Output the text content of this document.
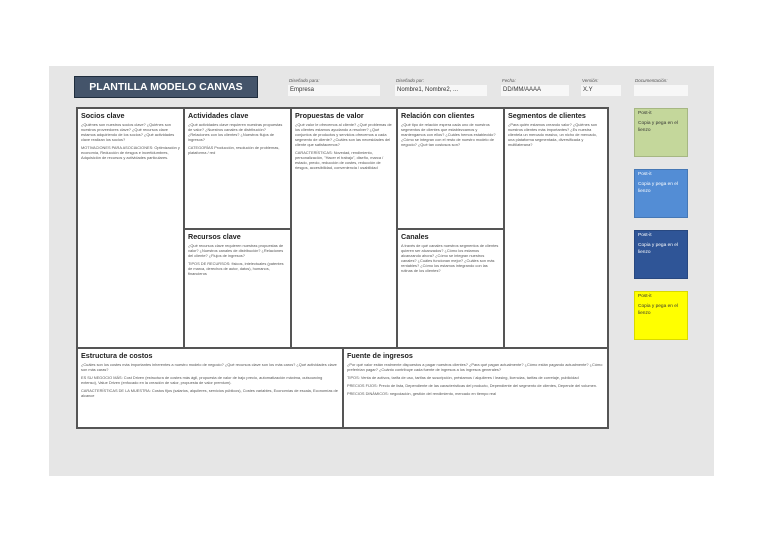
PLANTILLA MODELO CANVAS
Diseñado para:
Empresa
Diseñado por:
Nombre1, Nombre2, ...
Fecha:
DD/MM/AAAA
Versión:
X.Y
Documentación:
Socios clave

¿Quiénes son nuestros socios clave? ¿Quiénes son nuestros proveedores clave? ¿Qué recursos clave estamos adquiriendo de los socios? ¿Qué actividades clave realizan los socios?

MOTIVACIONES PARA ASOCIACIONES: Optimización y economía, Reducción de riesgos e incertidumbres, Adquisición de recursos y actividades particulares.

Actividades clave

¿Qué actividades clave requieren nuestras propuestas de valor? ¿Nuestros canales de distribución? ¿Relaciones con los clientes? ¿Nuestros flujos de ingresos?

CATEGORÍAS Producción, resolución de problemas, plataforma / red

Recursos clave

¿Qué recursos clave requieren nuestras propuestas de valor? ¿Nuestros canales de distribución? ¿Relaciones del cliente? ¿Flujos de ingresos?

TIPOS DE RECURSOS: físicos, intelectuales (patentes de marca, derechos de autor, datos), humanos, financieros

Propuestas de valor

¿Qué valor le ofrecemos al cliente? ¿Qué problemas de los clientes estamos ayudando a resolver? ¿Qué conjuntos de productos y servicios ofrecemos a cada segmento de cliente? ¿Cuáles son las necesidades del cliente que satisfacemos?

CARACTERÍSTICAS: Novedad, rendimiento, personalización, "Hacer el trabajo", diseño, marca / estado, precio, reducción de costes, reducción de riesgos, accesibilidad, conveniencia / usabilidad

Relación con clientes

¿Qué tipo de relación espera cada uno de nuestros segmentos de clientes que establezcamos y mantengamos con ellos? ¿Cuáles hemos establecido? ¿Cómo se integran con el resto de nuestro modelo de negocio? ¿Qué tan costosos son?

Canales

A través de qué canales nuestros segmentos de clientes quieren ser alcanzados? ¿Cómo los estamos alcanzando ahora? ¿Cómo se integran nuestros canales? ¿Cuáles funcionan mejor? ¿Cuáles son más rentables? ¿Cómo los estamos integrando con las rutinas de los clientes?

Segmentos de clientes

¿Para quién estamos creando valor? ¿Quiénes son nuestros clientes más importantes? ¿Es nuestra clientela un mercado masivo, un nicho de mercado, una plataforma segmentada, diversificada y multilaterana?

Estructura de costos

¿Cuáles son los costes más importantes inherentes a nuestro modelo de negocio? ¿Qué recursos clave son los más caros? ¿Qué actividades clave son más caras?

ES SU NEGOCIO MÁS: Cost Driven (estructura de costes más ágil, propuesta de valor de bajo precio, automatización máxima, outsourcing extenso), Value Driven (enfocado en la creación de valor, propuesta de valor premium).

CARACTERÍSTICAS DE LA MUESTRA: Costos fijos (salarios, alquileres, servicios públicos), Costes variables, Economías de escala, Economías de alcance

Fuente de ingresos

¿Por qué valor están realmente dispuestos a pagar nuestros clientes? ¿Para qué pagan actualmente? ¿Cómo están pagando actualmente? ¿Cómo preferirían pagar? ¿Cuánto contribuye cada fuente de ingresos a los ingresos generales?

TIPOS: Venta de activos, tarifa de uso, tarifas de suscripción, préstamos / alquileres / leasing, licencias, tarifas de corretaje, publicidad

PRECIOS FIJOS: Precio de lista, Dependiente de las características del producto, Dependiente del segmento de clientes, Depende del volumen.

PRECIOS DINÁMICOS: negociación, gestión del rendimiento, mercado en tiempo real

Post-it

Copia y pega en el lienzo

Post-it

Copia y pega en el lienzo

Post-it

Copia y pega en el lienzo

Post-it

Copia y pega en el lienzo
